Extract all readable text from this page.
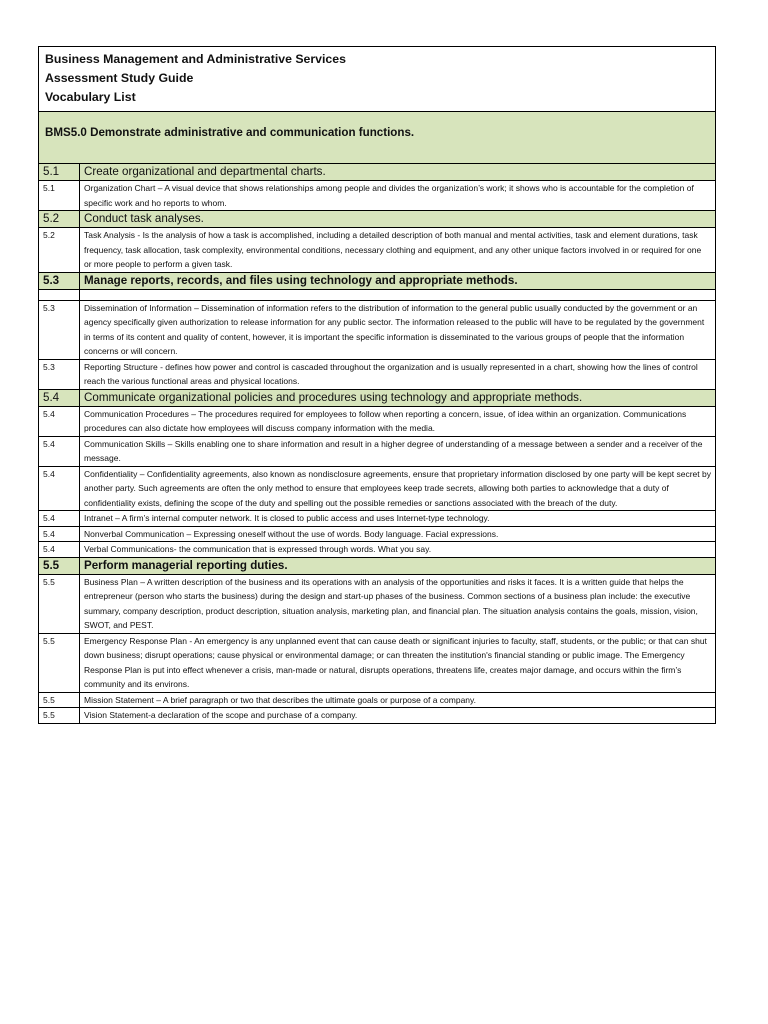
Business Management and Administrative Services
Assessment Study Guide
Vocabulary List	

BMS5.0 Demonstrate administrative and communication functions.	
5.1	Create organizational and departmental charts.
5.1	Organization Chart – A visual device that shows relationships among people and divides the organization’s work; it shows who is accountable for the completion of specific work and ho reports to whom.
5.2	Conduct task analyses.
5.2	Task Analysis - Is the analysis of how a task is accomplished, including a detailed description of both manual and mental activities, task and element durations, task frequency, task allocation, task complexity, environmental conditions, necessary clothing and equipment, and any other unique factors involved in or required for one or more people to perform a given task.
5.3	Manage reports, records, and files using technology and appropriate methods.

5.3	Dissemination of Information – Dissemination of information refers to the distribution of information to the general public usually conducted by the government or an agency specifically given authorization to release information for any public sector. The information released to the public will have to be regulated by the government in terms of its content and quality of content, however, it is important the specific information is disseminated to the various groups of people that the information concerns or will concern.
5.3	Reporting Structure - defines how power and control is cascaded throughout the organization and is usually represented in a chart, showing how the lines of control reach the various functional areas and physical locations.
5.4	Communicate organizational policies and procedures using technology and appropriate methods.
5.4	Communication Procedures – The procedures required for employees to follow when reporting a concern, issue, of idea within an organization. Communications procedures can also dictate how employees will discuss company information with the media.
5.4	Communication Skills – Skills enabling one to share information and result in a higher degree of understanding of a message between a sender and a receiver of the message.
5.4	Confidentiality – Confidentiality agreements, also known as nondisclosure agreements, ensure that proprietary information disclosed by one party will be kept secret by another party. Such agreements are often the only method to ensure that employees keep trade secrets, allowing both parties to acknowledge that a duty of confidentiality exists, defining the scope of the duty and spelling out the possible remedies or sanctions associated with the breach of the duty.
5.4	Intranet – A firm’s internal computer network. It is closed to public access and uses Internet-type technology.
5.4	Nonverbal Communication – Expressing oneself without the use of words. Body language. Facial expressions.
5.4	Verbal Communications- the communication that is expressed through words. What you say.
5.5	Perform managerial reporting duties.
5.5	Business Plan – A written description of the business and its operations with an analysis of the opportunities and risks it faces. It is a written guide that helps the entrepreneur (person who starts the business) during the design and start-up phases of the business. Common sections of a business plan include: the executive summary, company description, product description, situation analysis, marketing plan, and financial plan. The situation analysis contains the goals, mission, vision, SWOT, and PEST.
5.5	Emergency Response Plan - An emergency is any unplanned event that can cause death or significant injuries to faculty, staff, students, or the public; or that can shut down business; disrupt operations; cause physical or environmental damage; or can threaten the institution's financial standing or public image. The Emergency Response Plan is put into effect whenever a crisis, man-made or natural, disrupts operations, threatens life, creates major damage, and occurs within the firm’s community and its environs.
5.5	Mission Statement – A brief paragraph or two that describes the ultimate goals or purpose of a company.
5.5	Vision Statement-a declaration of the scope and purchase of a company.
